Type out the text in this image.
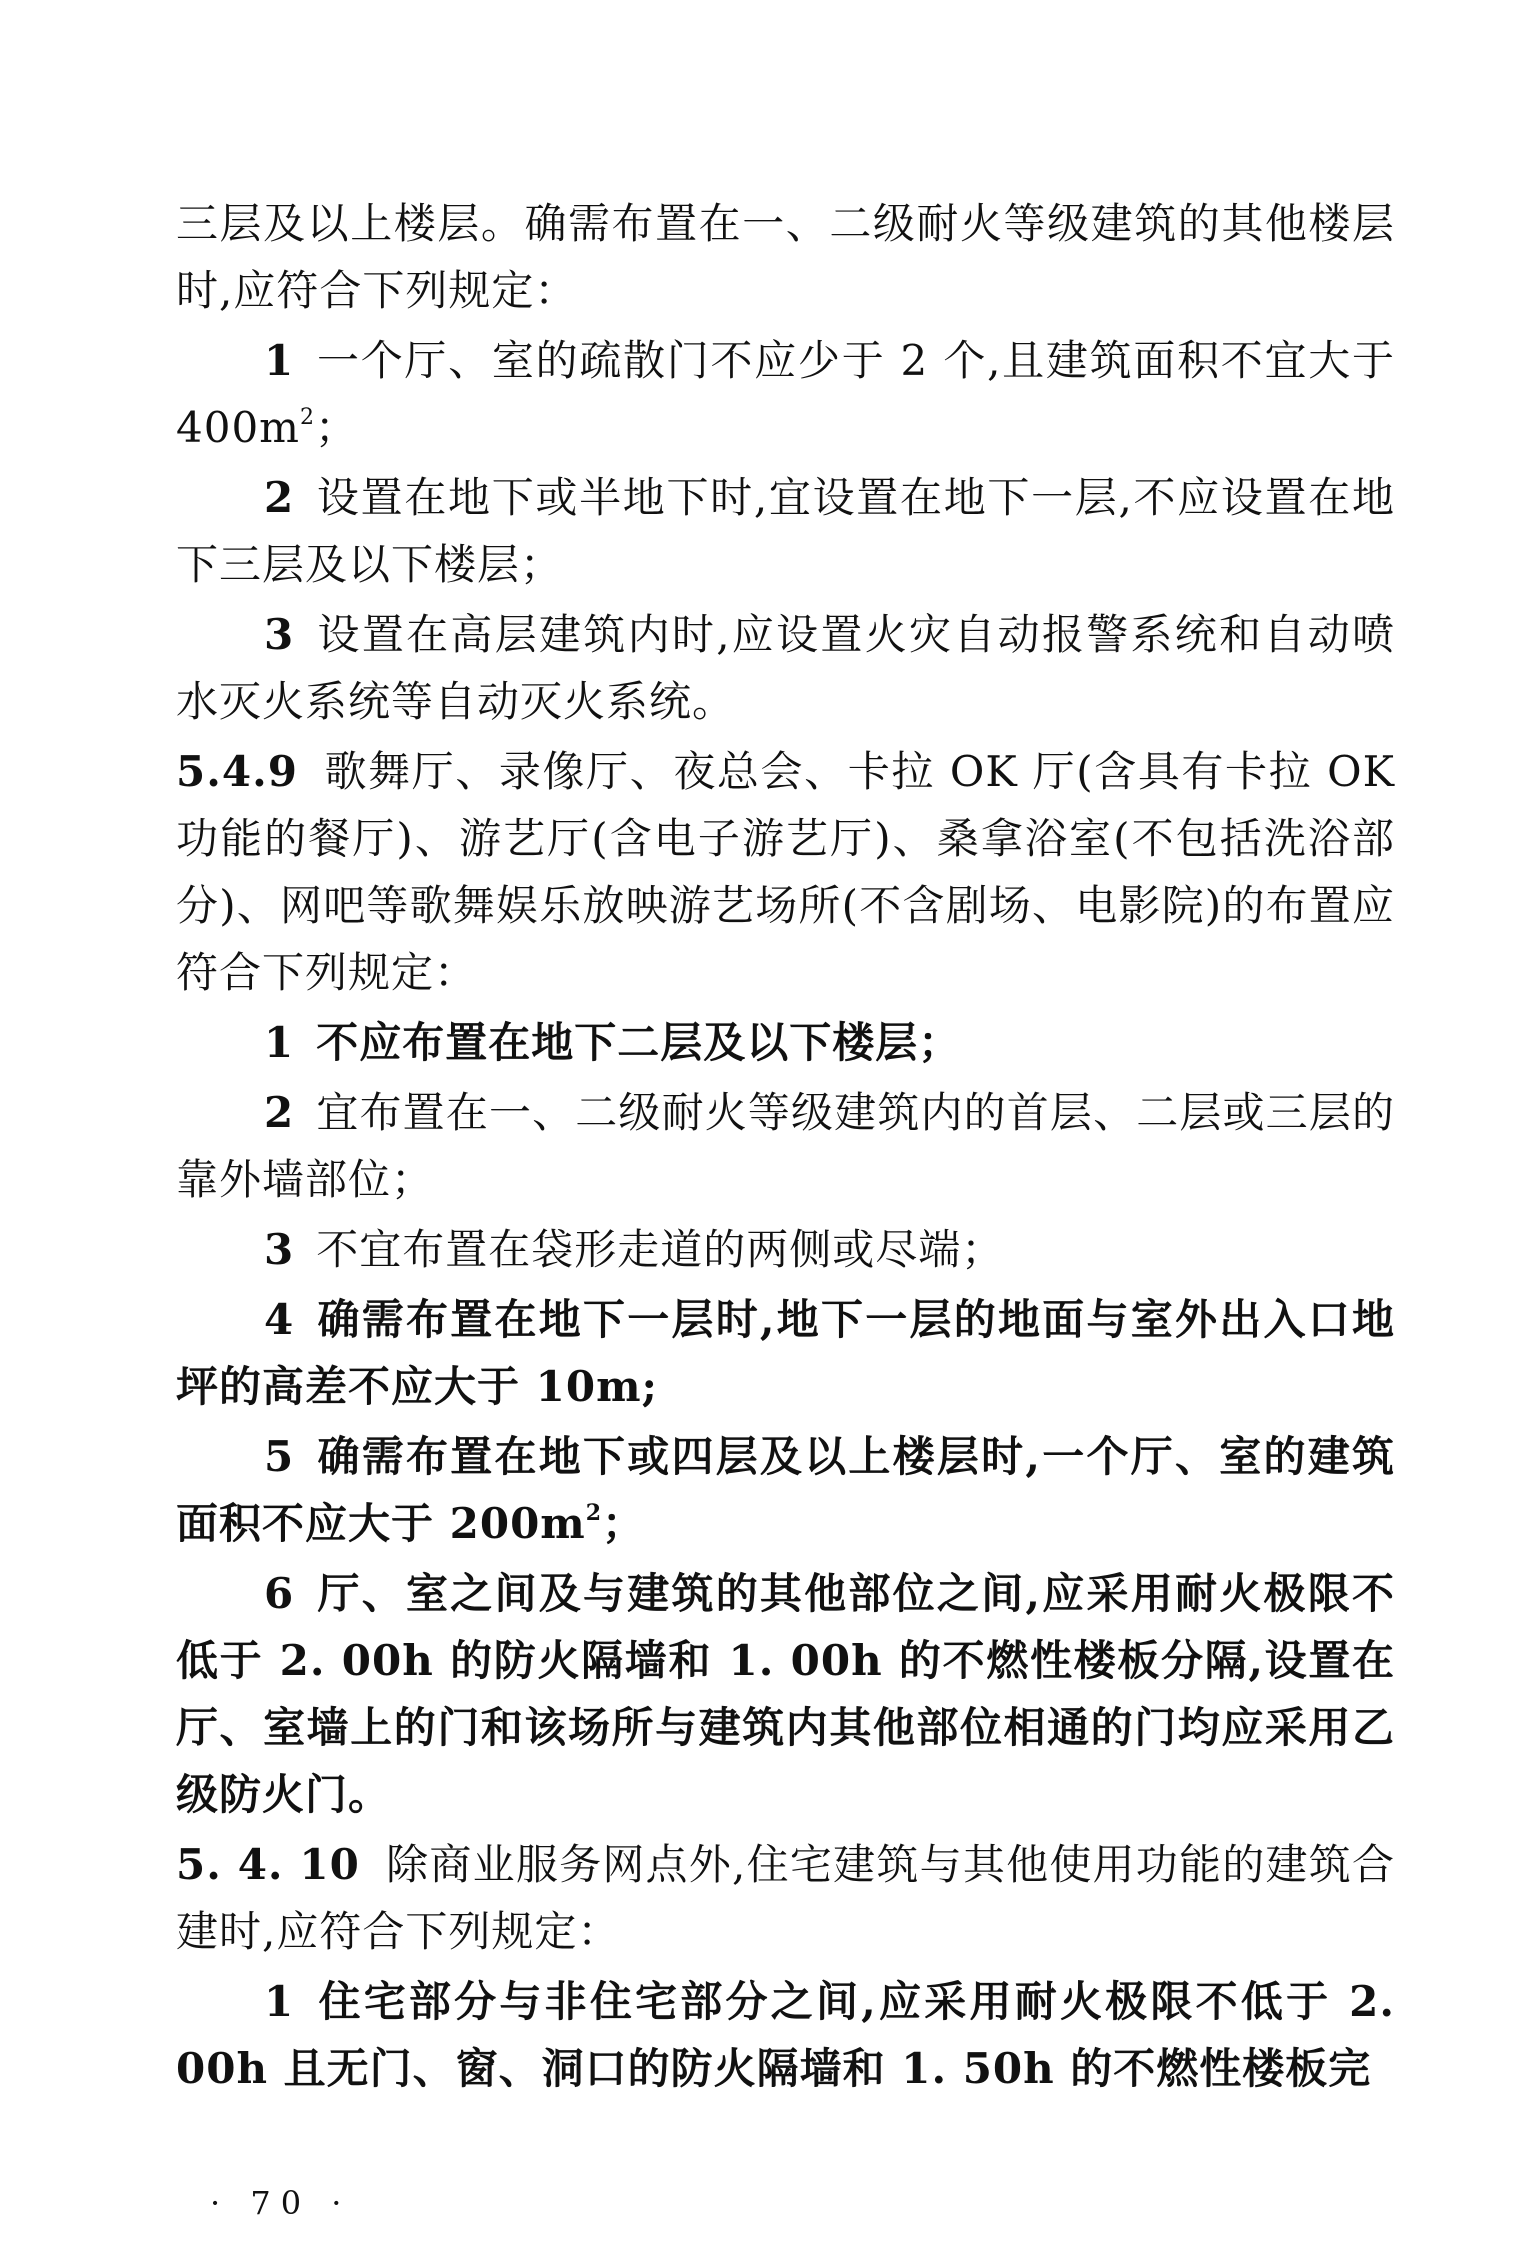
三层及以上楼层。确需布置在一、二级耐火等级建筑的其他楼层时,应符合下列规定：

1 一个厅、室的疏散门不应少于 2 个,且建筑面积不宜大于 $400m^2$；

2 设置在地下或半地下时,宜设置在地下一层,不应设置在地下三层及以下楼层；

3 设置在高层建筑内时,应设置火灾自动报警系统和自动喷水灭火系统等自动灭火系统。

5.4.9 歌舞厅、录像厅、夜总会、卡拉 OK 厅(含具有卡拉 OK 功能的餐厅)、游艺厅(含电子游艺厅)、桑拿浴室(不包括洗浴部分)、网吧等歌舞娱乐放映游艺场所(不含剧场、电影院)的布置应符合下列规定：

1 不应布置在地下二层及以下楼层；

2 宜布置在一、二级耐火等级建筑内的首层、二层或三层的靠外墙部位；

3 不宜布置在袋形走道的两侧或尽端；

4 确需布置在地下一层时,地下一层的地面与室外出入口地坪的高差不应大于 10m;

5 确需布置在地下或四层及以上楼层时,一个厅、室的建筑面积不应大于 $200m^2$；

6 厅、室之间及与建筑的其他部位之间,应采用耐火极限不低于 2. 00h 的防火隔墙和 1. 00h 的不燃性楼板分隔,设置在厅、室墙上的门和该场所与建筑内其他部位相通的门均应采用乙级防火门。

5. 4. 10 除商业服务网点外,住宅建筑与其他使用功能的建筑合建时,应符合下列规定：

1 住宅部分与非住宅部分之间,应采用耐火极限不低于 2. 00h 且无门、窗、洞口的防火隔墙和 1. 50h 的不燃性楼板完

· 70 ·
